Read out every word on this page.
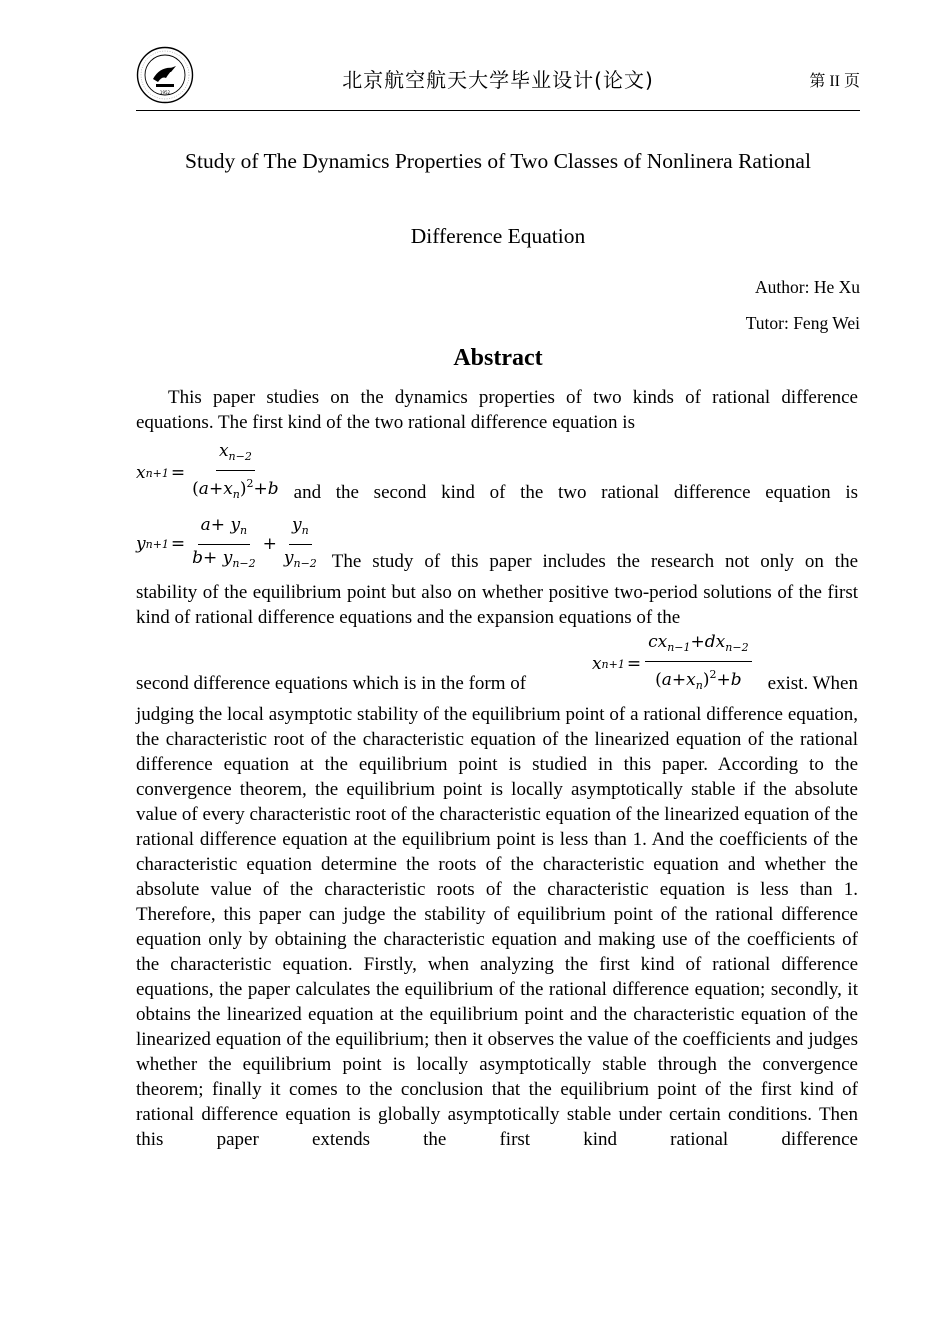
1952
北京航空航天大学毕业设计(论文)	第 II 页
Study of The Dynamics Properties of Two Classes of Nonlinera Rational
Difference Equation
Author: He Xu
Tutor: Feng Wei
Abstract

This paper studies on the dynamics properties of two kinds of rational difference equations. The first kind of the two rational difference equation is

x $n+1 = \frac{x_{n-2}}{(a+x_n)^2+b}$ and the second kind of the two rational difference equation is
y $n+1 = \frac{a+ y_n}{b+ y_{n-2}} + \frac{y_n}{y_{n-2}}$ The study of this paper includes the research not only on the

stability of the equilibrium point but also on whether positive two-period solutions of the first kind of rational difference equations and the expansion equations of the

second difference equations which is in the form of
x $n+1 = \frac{cx_{n-1}+dx_{n-2}}{(a+x_n)^2+b}$ exist. When

judging the local asymptotic stability of the equilibrium point of a rational difference equation, the characteristic root of the characteristic equation of the linearized equation of the rational difference equation at the equilibrium point is studied in this paper. According to the convergence theorem, the equilibrium point is locally asymptotically stable if the absolute value of every characteristic root of the characteristic equation of the linearized equation of the rational difference equation at the equilibrium point is less than 1. And the coefficients of the characteristic equation determine the roots of the characteristic equation and whether the absolute value of the characteristic roots of the characteristic equation is less than 1. Therefore, this paper can judge the stability of equilibrium point of the rational difference equation only by obtaining the characteristic equation and making use of the coefficients of the characteristic equation. Firstly, when analyzing the first kind of rational difference equations, the paper calculates the equilibrium of the rational difference equation; secondly, it obtains the linearized equation at the equilibrium point and the characteristic equation of the linearized equation of the equilibrium; then it observes the value of the coefficients and judges whether the equilibrium point is locally asymptotically stable through the convergence theorem; finally it comes to the conclusion that the equilibrium point of the first kind of rational difference equation is globally asymptotically stable under certain conditions. Then this paper extends the first kind rational difference
